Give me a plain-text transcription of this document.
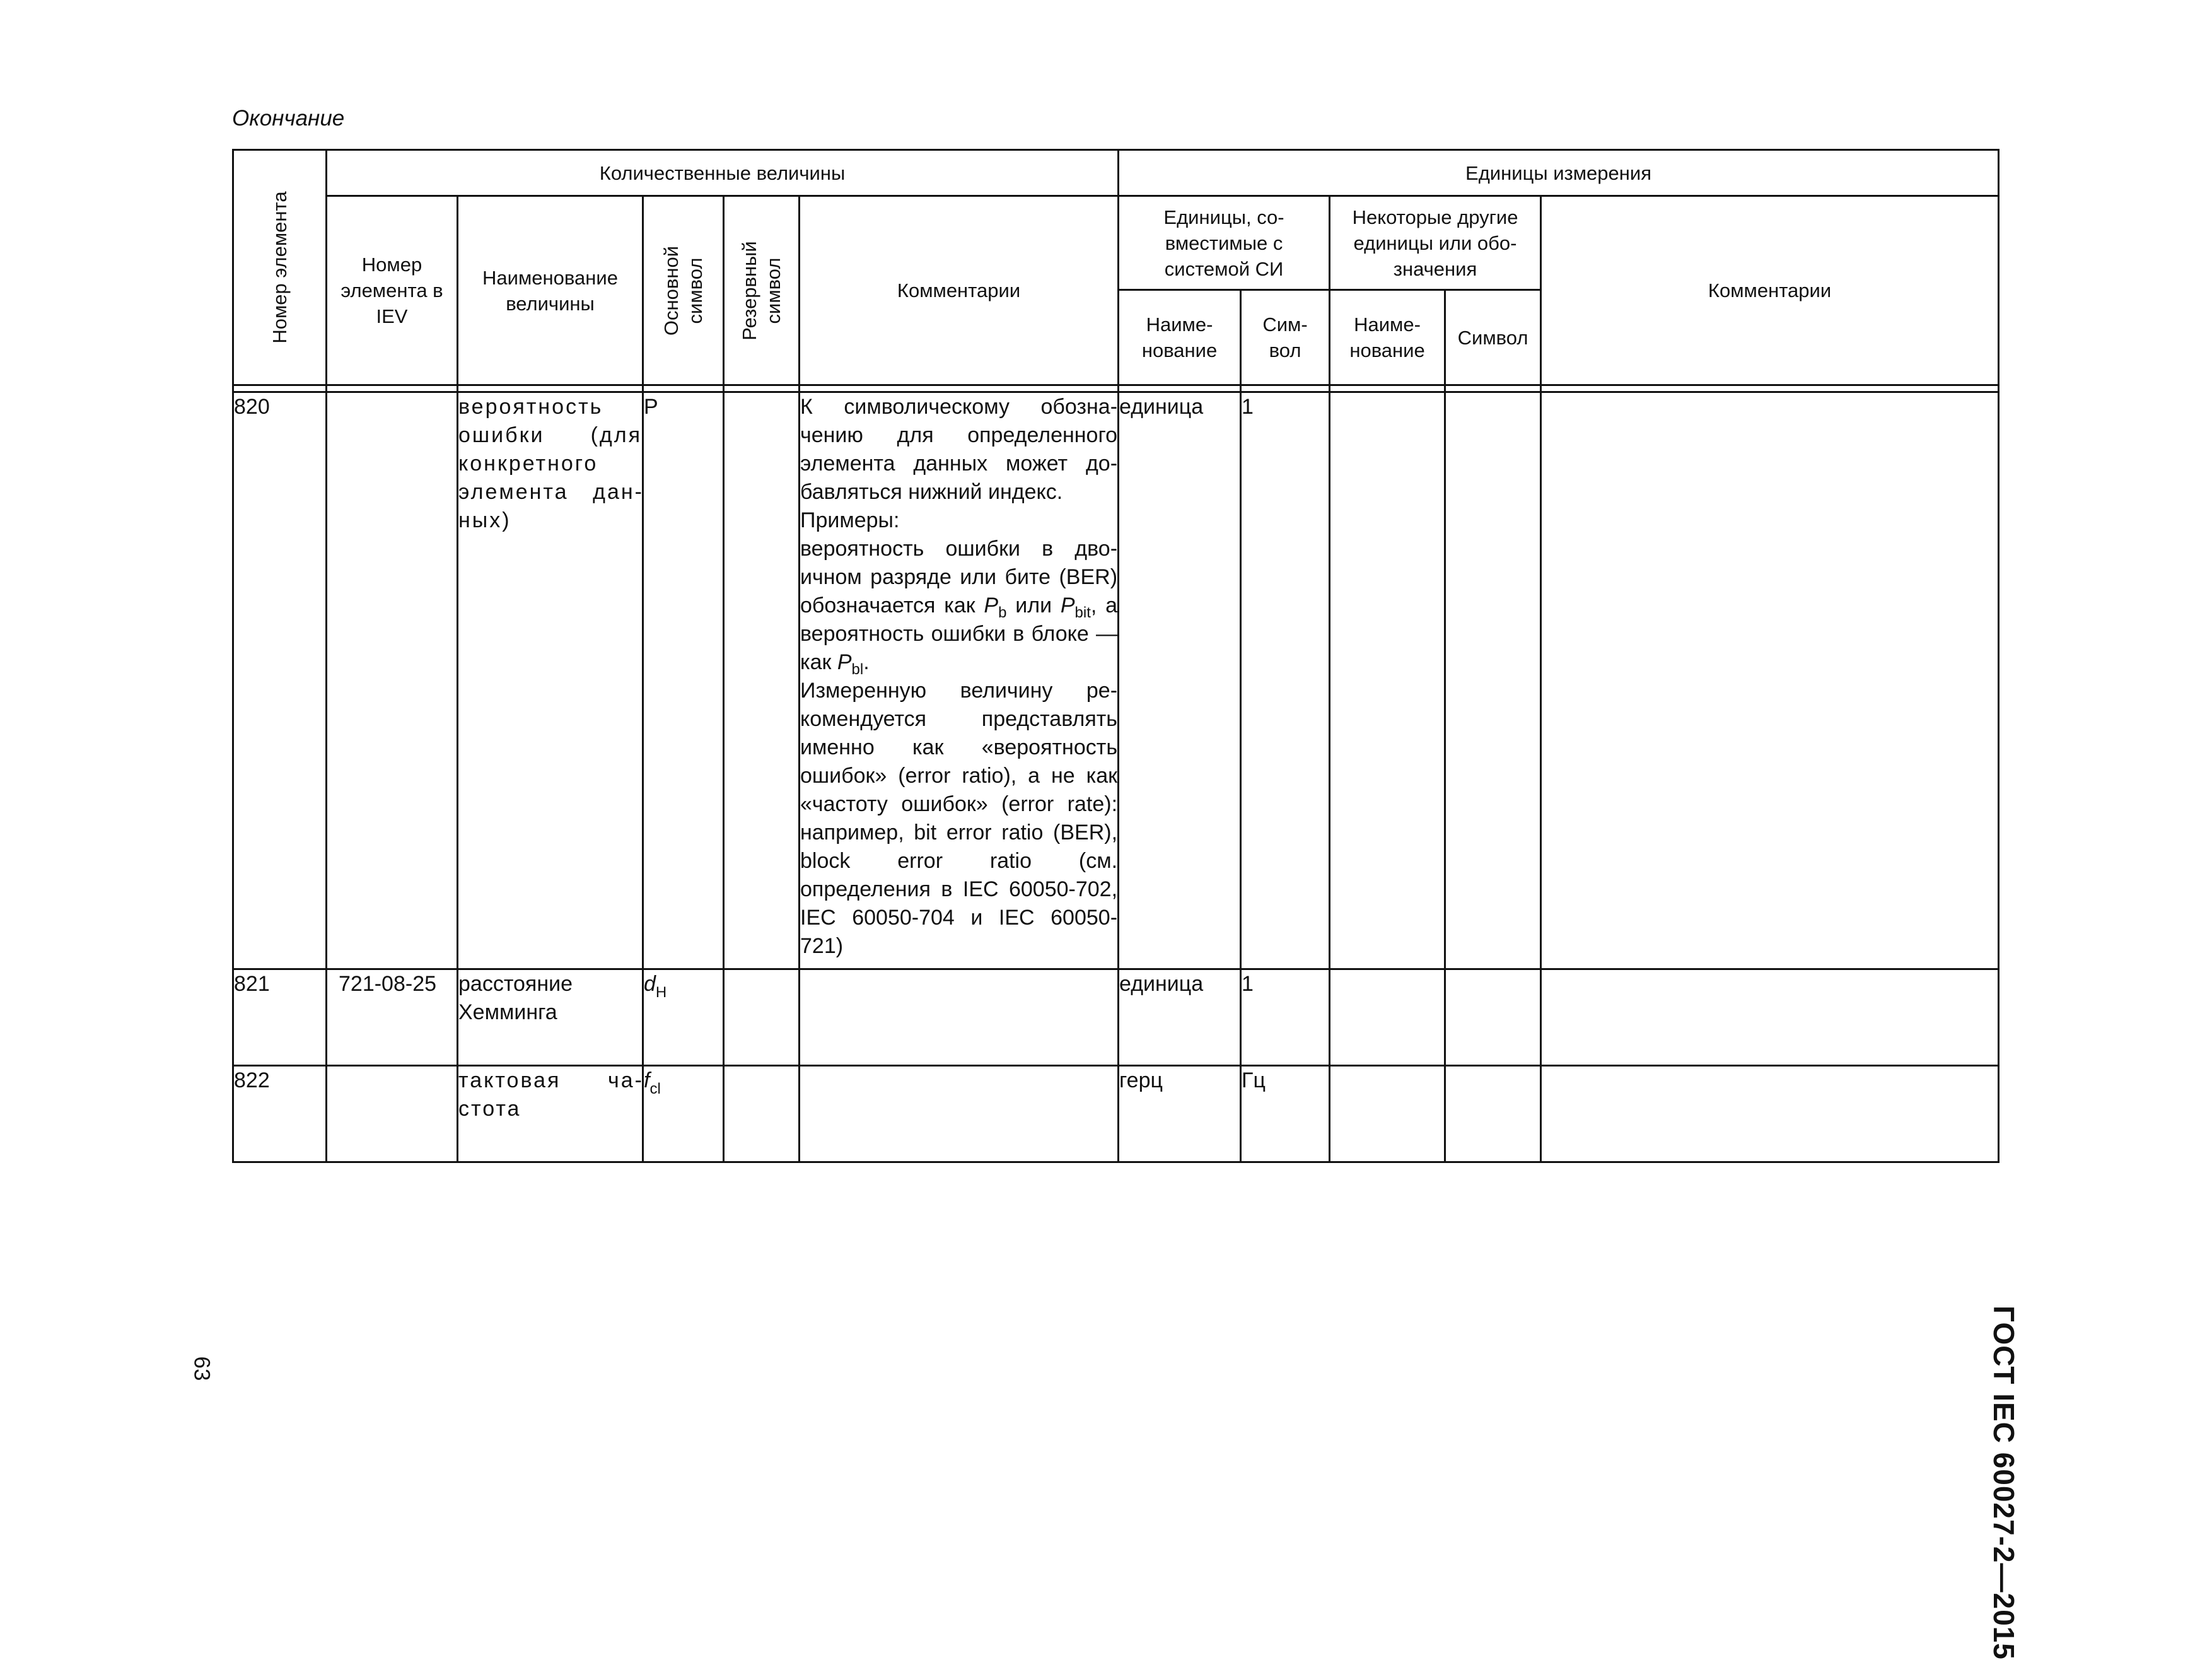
Окончание
Номер элемента	Количественные величины					Единицы измерения				
	Номер элемента в IEV	Наименование величины	Основной символ	Резервный символ	Комментарии	Единицы, совместимые с системой СИ		Некоторые другие единицы или обозначения		Комментарии
						Наименование	Символ	Наименование	Символ	

820		вероятность ошибки (для конкретного элемента данных)	P		К символическому обозначению для определенного элемента данных может добавляться нижний индекс.
Примеры:
вероятность ошибки в двоичном разряде или бите (BER) обозначается как $P_b$ или $P_{bit}$, а вероятность ошибки в блоке — как $P_{bl}$.
Измеренную величину рекомендуется представлять именно как «вероятность ошибок» (error ratio), а не как «частоту ошибок» (error rate): например, bit error ratio (BER), block error ratio (см. определения в IEC 60050-702, IEC 60050-704 и IEC 60050-721)	единица	1			
821	721-08-25	расстояние Хемминга	$d_H$			единица	1			
822		тактовая частота	$f_{cl}$			герц	Гц			
63	ГОСТ IEC 60027-2—2015
